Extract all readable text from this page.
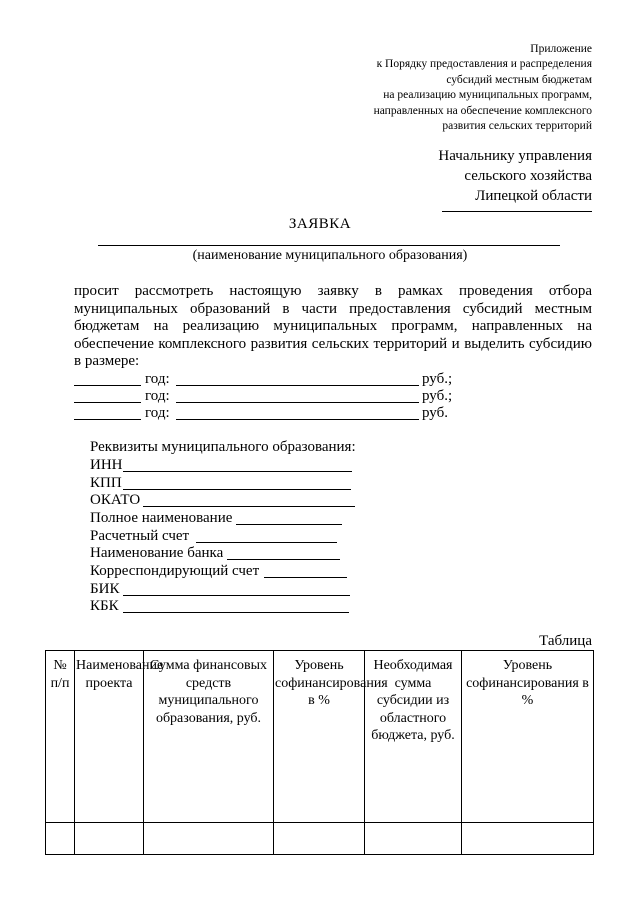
Приложение
к Порядку предоставления и распределения
субсидий местным бюджетам
на реализацию муниципальных программ,
направленных на обеспечение комплексного
развития сельских территорий
Начальнику управления
сельского хозяйства
Липецкой области
ЗАЯВКА
(наименование муниципального образования)

просит рассмотреть настоящую заявку в рамках проведения отбора муниципальных образований в части предоставления субсидий местным бюджетам на реализацию муниципальных программ, направленных на обеспечение комплексного развития сельских территорий и выделить субсидию в размере:

год:	руб.;
год:	руб.;
год:	руб.
Реквизиты муниципального образования:
ИНН
КПП
ОКАТО
Полное наименование
Расчетный счет
Наименование банка
Корреспондирующий счет
БИК
КБК
Таблица
№ п/п	Наименование проекта	Сумма финансовых средств муниципального образования, руб.	Уровень софинансирования в %	Необходимая сумма субсидии из областного бюджета, руб.	Уровень софинансирования в %
